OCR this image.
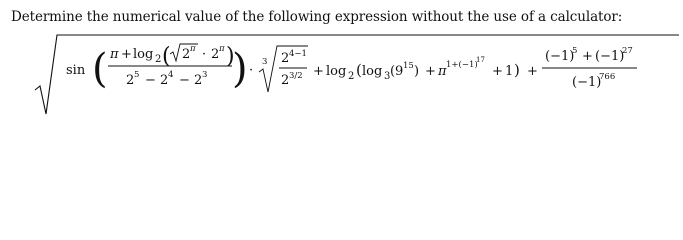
Determine the numerical value of the following expression without the use of a calculator:
sin (	)
π + log 2 ( 2 π · 2 π )
2 5 − 2 4 − 2 3	·
3 2 4−1
2 3/2 + log 2 ( log 3 ( 9 15 ) + π 1+(−1)
17
+ 1 ) +
(−1)
5 + (−1)
27
(−1)
766
